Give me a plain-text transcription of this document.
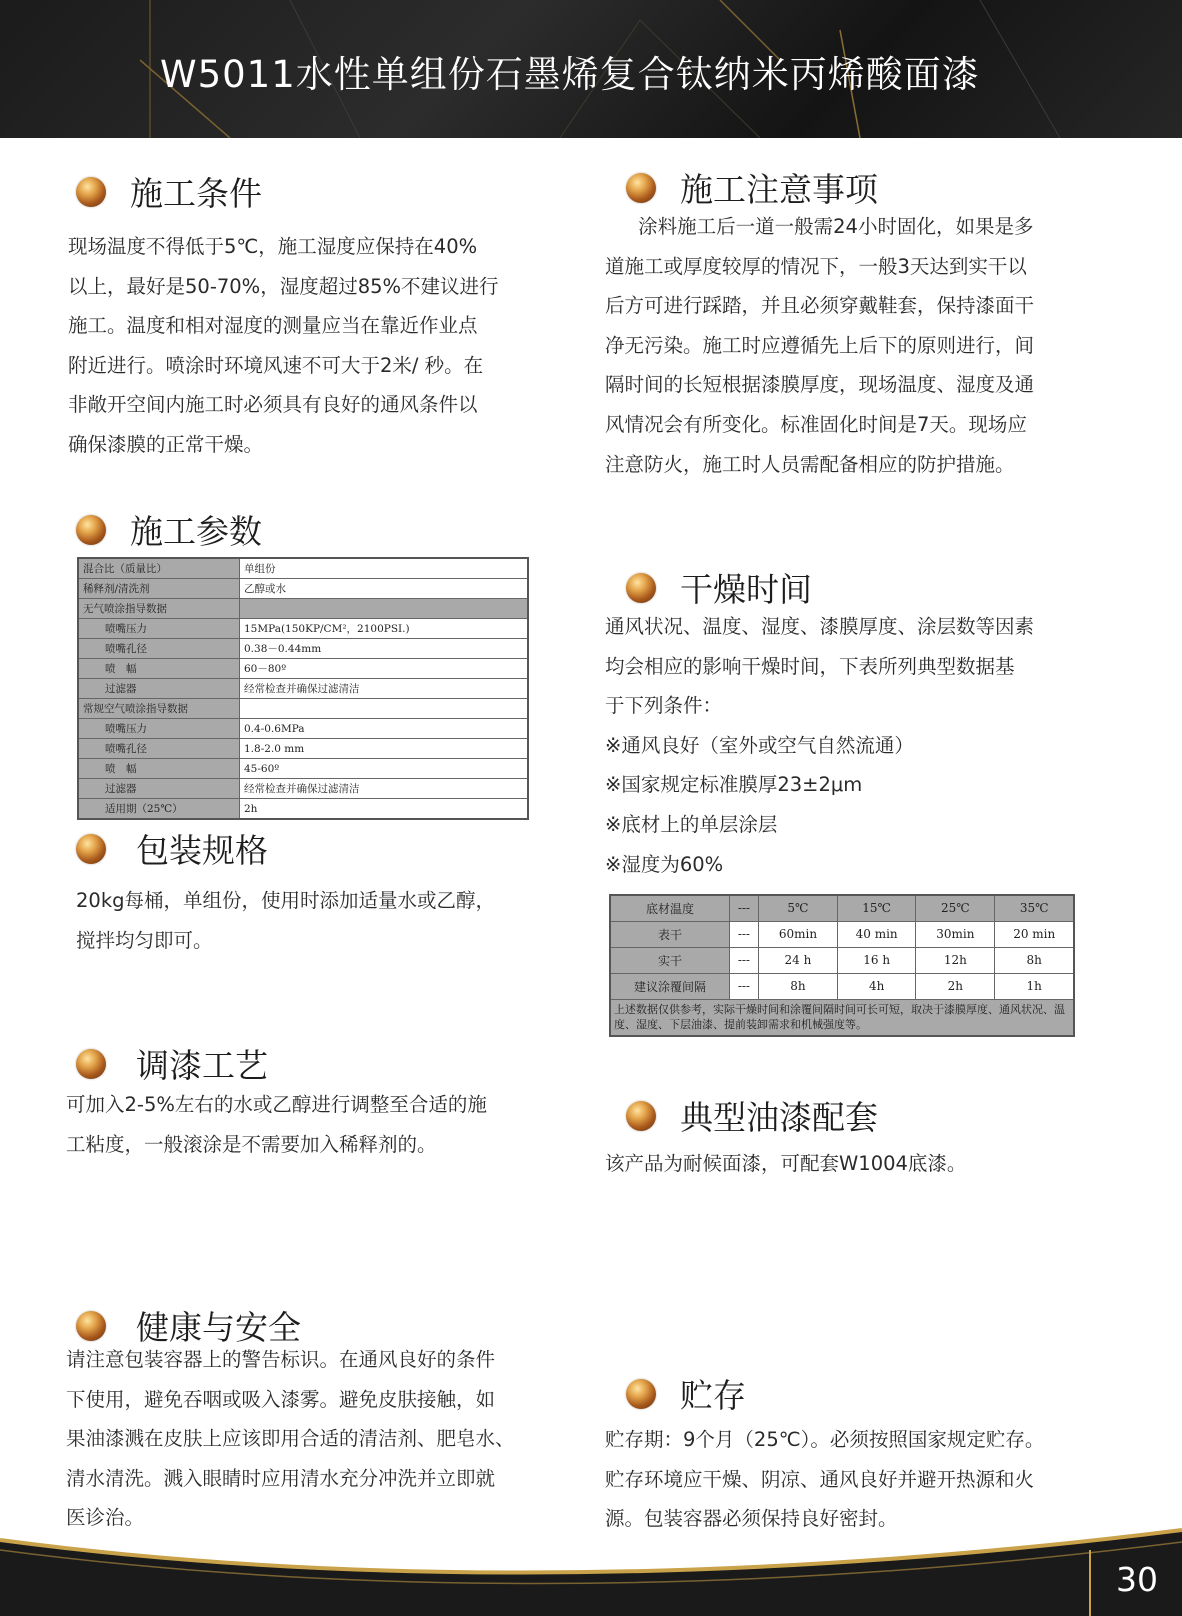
W5011水性单组份石墨烯复合钛纳米丙烯酸面漆
施工条件

现场温度不得低于5℃，施工湿度应保持在40%

以上，最好是50-70%，湿度超过85%不建议进行

施工。温度和相对湿度的测量应当在靠近作业点

附近进行。喷涂时环境风速不可大于2米/ 秒。在

非敞开空间内施工时必须具有良好的通风条件以

确保漆膜的正常干燥。

施工参数
混合比（质量比）	单组份
稀释剂/清洗剂	乙醇或水
无气喷涂指导数据	
喷嘴压力	15MPa(150KP/CM²，2100PSI.)
喷嘴孔径	0.38－0.44mm
喷　幅	60－80º
过滤器	经常检查并确保过滤清洁
常规空气喷涂指导数据	
喷嘴压力	0.4-0.6MPa
喷嘴孔径	1.8-2.0 mm
喷　幅	45-60º
过滤器	经常检查并确保过滤清洁
适用期（25℃）	2h
包装规格

20kg每桶，单组份，使用时添加适量水或乙醇，

搅拌均匀即可。

调漆工艺

可加入2-5%左右的水或乙醇进行调整至合适的施

工粘度，一般滚涂是不需要加入稀释剂的。

健康与安全

请注意包装容器上的警告标识。在通风良好的条件

下使用，避免吞咽或吸入漆雾。避免皮肤接触，如

果油漆溅在皮肤上应该即用合适的清洁剂、肥皂水、

清水清洗。溅入眼睛时应用清水充分冲洗并立即就

医诊治。

施工注意事项

涂料施工后一道一般需24小时固化，如果是多

道施工或厚度较厚的情况下，一般3天达到实干以

后方可进行踩踏，并且必须穿戴鞋套，保持漆面干

净无污染。施工时应遵循先上后下的原则进行，间

隔时间的长短根据漆膜厚度，现场温度、湿度及通

风情况会有所变化。标准固化时间是7天。现场应

注意防火，施工时人员需配备相应的防护措施。

干燥时间

通风状况、温度、湿度、漆膜厚度、涂层数等因素

均会相应的影响干燥时间，下表所列典型数据基

于下列条件：

※通风良好（室外或空气自然流通）

※国家规定标准膜厚23±2μm

※底材上的单层涂层

※湿度为60%

底材温度	---	5℃	15℃	25℃	35℃
表干	---	60min	40 min	30min	20 min
实干	---	24 h	16 h	12h	8h
建议涂覆间隔	---	8h	4h	2h	1h
上述数据仅供参考，实际干燥时间和涂覆间隔时间可长可短，取决于漆膜厚度、通风状况、温度、湿度、下层油漆、提前装卸需求和机械强度等。					
典型油漆配套

该产品为耐候面漆，可配套W1004底漆。

贮存

贮存期：9个月（25℃）。必须按照国家规定贮存。

贮存环境应干燥、阴凉、通风良好并避开热源和火

源。包装容器必须保持良好密封。

30
